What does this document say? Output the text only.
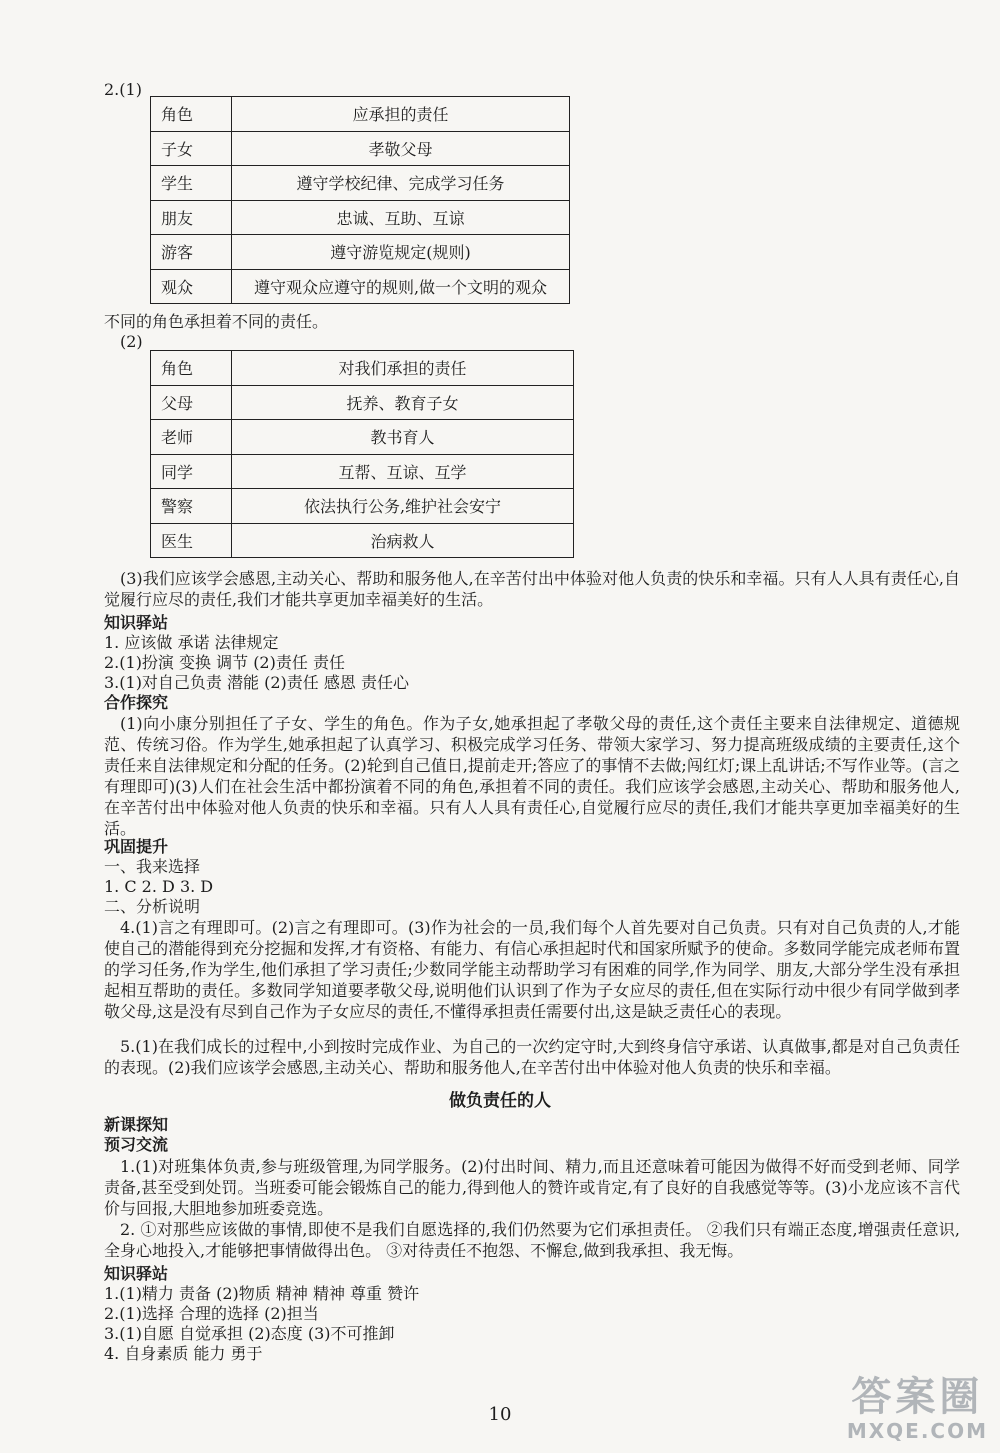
2.(1)
角色	应承担的责任
子女	孝敬父母
学生	遵守学校纪律、完成学习任务
朋友	忠诚、互助、互谅
游客	遵守游览规定(规则)
观众	遵守观众应遵守的规则,做一个文明的观众
不同的角色承担着不同的责任。
(2)
角色	对我们承担的责任
父母	抚养、教育子女
老师	教书育人
同学	互帮、互谅、互学
警察	依法执行公务,维护社会安宁
医生	治病救人
(3)我们应该学会感恩,主动关心、帮助和服务他人,在辛苦付出中体验对他人负责的快乐和幸福。只有人人具有责任心,自觉履行应尽的责任,我们才能共享更加幸福美好的生活。
知识驿站
1. 应该做 承诺 法律规定
2.(1)扮演 变换 调节 (2)责任 责任
3.(1)对自己负责 潜能 (2)责任 感恩 责任心
合作探究
(1)向小康分别担任了子女、学生的角色。作为子女,她承担起了孝敬父母的责任,这个责任主要来自法律规定、道德规范、传统习俗。作为学生,她承担起了认真学习、积极完成学习任务、带领大家学习、努力提高班级成绩的主要责任,这个责任来自法律规定和分配的任务。(2)轮到自己值日,提前走开;答应了的事情不去做;闯红灯;课上乱讲话;不写作业等。(言之有理即可)(3)人们在社会生活中都扮演着不同的角色,承担着不同的责任。我们应该学会感恩,主动关心、帮助和服务他人,在辛苦付出中体验对他人负责的快乐和幸福。只有人人具有责任心,自觉履行应尽的责任,我们才能共享更加幸福美好的生活。
巩固提升
一、我来选择
1. C 2. D 3. D
二、分析说明
4.(1)言之有理即可。(2)言之有理即可。(3)作为社会的一员,我们每个人首先要对自己负责。只有对自己负责的人,才能使自己的潜能得到充分挖掘和发挥,才有资格、有能力、有信心承担起时代和国家所赋予的使命。多数同学能完成老师布置的学习任务,作为学生,他们承担了学习责任;少数同学能主动帮助学习有困难的同学,作为同学、朋友,大部分学生没有承担起相互帮助的责任。多数同学知道要孝敬父母,说明他们认识到了作为子女应尽的责任,但在实际行动中很少有同学做到孝敬父母,这是没有尽到自己作为子女应尽的责任,不懂得承担责任需要付出,这是缺乏责任心的表现。
5.(1)在我们成长的过程中,小到按时完成作业、为自己的一次约定守时,大到终身信守承诺、认真做事,都是对自己负责任的表现。(2)我们应该学会感恩,主动关心、帮助和服务他人,在辛苦付出中体验对他人负责的快乐和幸福。
做负责任的人
新课探知
预习交流
1.(1)对班集体负责,参与班级管理,为同学服务。(2)付出时间、精力,而且还意味着可能因为做得不好而受到老师、同学责备,甚至受到处罚。当班委可能会锻炼自己的能力,得到他人的赞许或肯定,有了良好的自我感觉等等。(3)小龙应该不言代价与回报,大胆地参加班委竞选。
2. ①对那些应该做的事情,即使不是我们自愿选择的,我们仍然要为它们承担责任。 ②我们只有端正态度,增强责任意识,全身心地投入,才能够把事情做得出色。 ③对待责任不抱怨、不懈怠,做到我承担、我无悔。
知识驿站
1.(1)精力 责备 (2)物质 精神 精神 尊重 赞许
2.(1)选择 合理的选择 (2)担当
3.(1)自愿 自觉承担 (2)态度 (3)不可推卸
4. 自身素质 能力 勇于
10	答案圈
MXQE.COM
